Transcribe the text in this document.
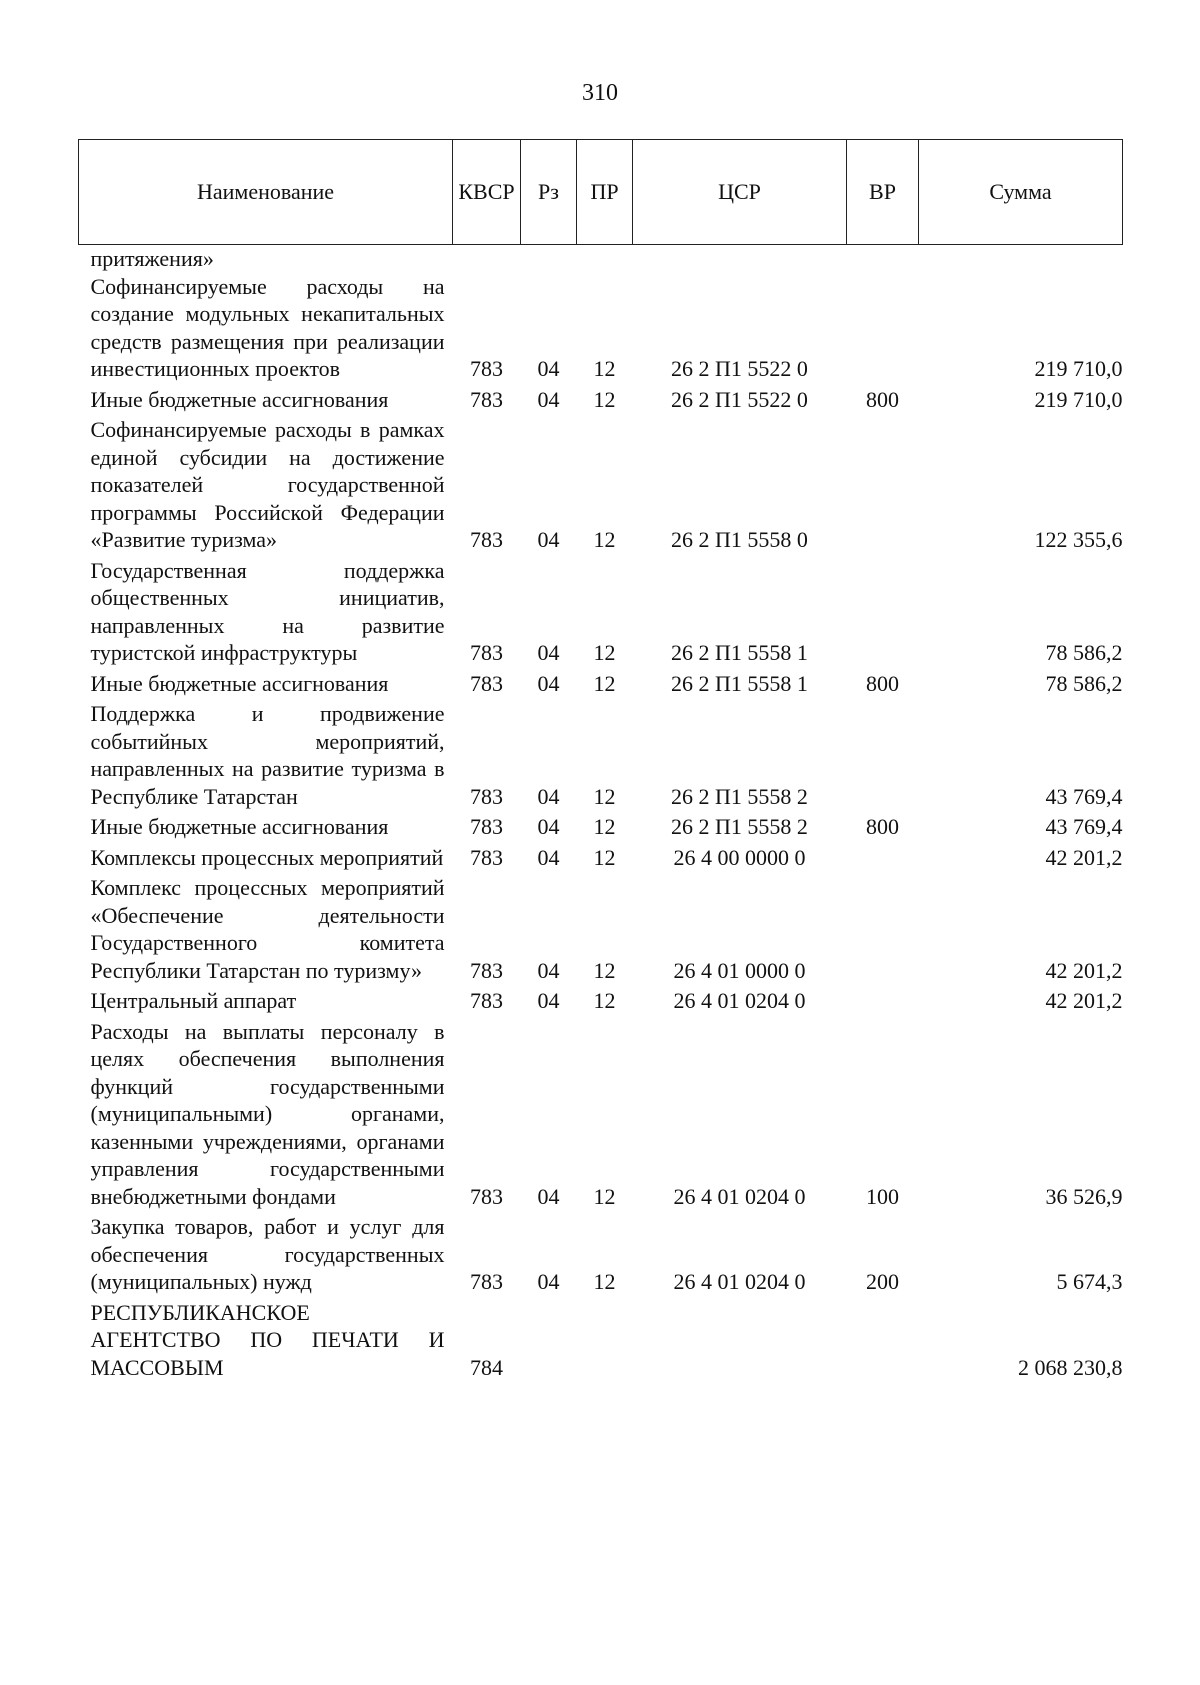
310
Наименование	КВСР	Рз	ПР	ЦСР	ВР	Сумма

притяжения»						

Софинансируемые расходы на создание модульных некапитальных средств размещения при реализации инвестиционных проектов	783	04	12	26 2 П1 5522 0		219 710,0

Иные бюджетные ассигнования	783	04	12	26 2 П1 5522 0	800	219 710,0

Софинансируемые расходы в рамках единой субсидии на достижение показателей государственной программы Российской Федерации «Развитие туризма»	783	04	12	26 2 П1 5558 0		122 355,6

Государственная поддержка общественных инициатив, направленных на развитие туристской инфраструктуры	783	04	12	26 2 П1 5558 1		78 586,2

Иные бюджетные ассигнования	783	04	12	26 2 П1 5558 1	800	78 586,2

Поддержка и продвижение событийных мероприятий, направленных на развитие туризма в Республике Татарстан	783	04	12	26 2 П1 5558 2		43 769,4

Иные бюджетные ассигнования	783	04	12	26 2 П1 5558 2	800	43 769,4

Комплексы процессных мероприятий	783	04	12	26 4 00 0000 0		42 201,2

Комплекс процессных мероприятий «Обеспечение деятельности Государственного комитета Республики Татарстан по туризму»	783	04	12	26 4 01 0000 0		42 201,2

Центральный аппарат	783	04	12	26 4 01 0204 0		42 201,2

Расходы на выплаты персоналу в целях обеспечения выполнения функций государственными (муниципальными) органами, казенными учреждениями, органами управления государственными внебюджетными фондами	783	04	12	26 4 01 0204 0	100	36 526,9

Закупка товаров, работ и услуг для обеспечения государственных (муниципальных) нужд	783	04	12	26 4 01 0204 0	200	5 674,3

РЕСПУБЛИКАНСКОЕ АГЕНТСТВО ПО ПЕЧАТИ И МАССОВЫМ	784					2 068 230,8
